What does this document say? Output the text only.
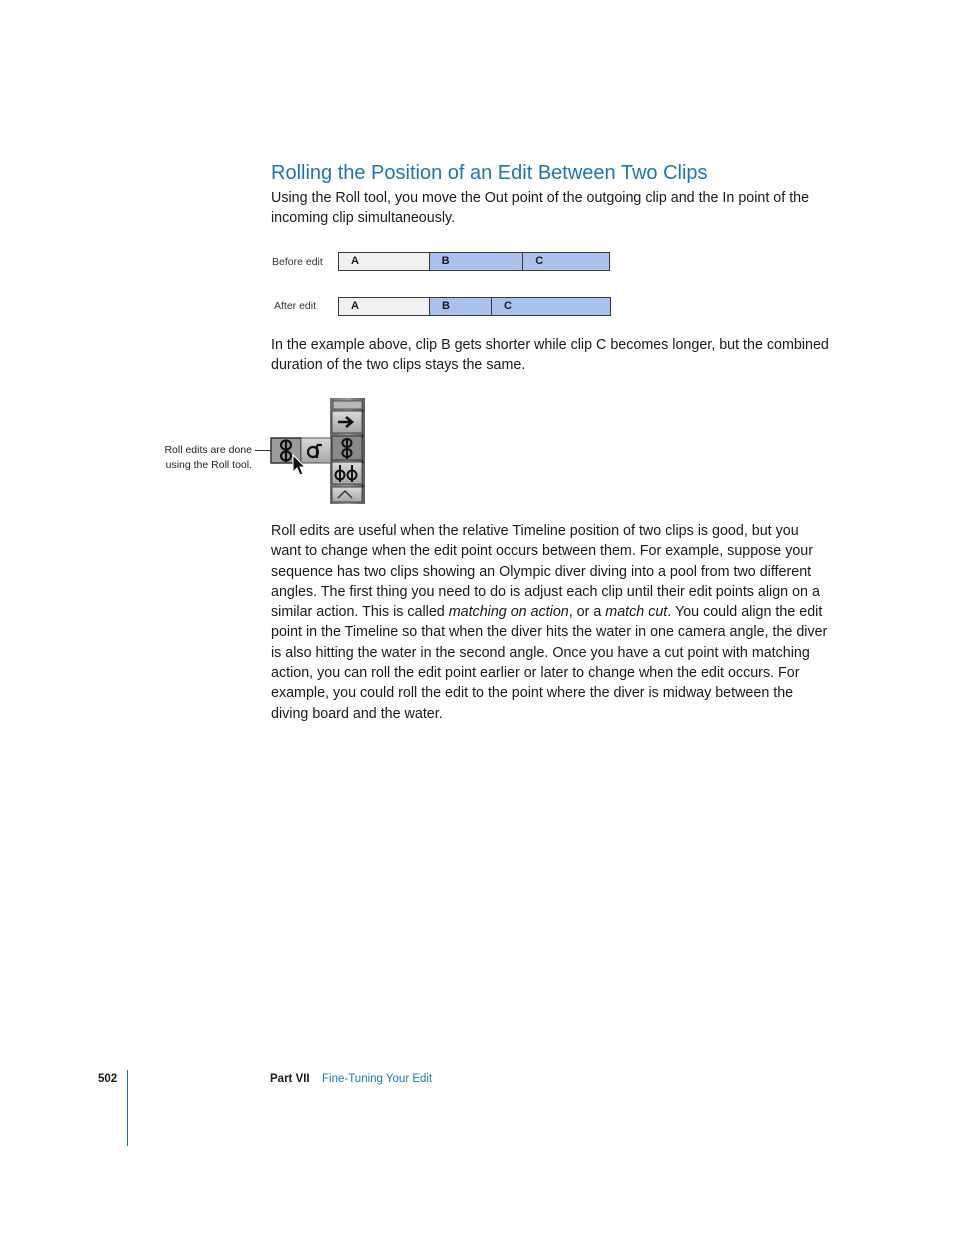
Rolling the Position of an Edit Between Two Clips

Using the Roll tool, you move the Out point of the outgoing clip and the In point of the incoming clip simultaneously.

Before edit	A	B	C
After edit	A	B	C

In the example above, clip B gets shorter while clip C becomes longer, but the combined duration of the two clips stays the same.

Roll edits are done
using the Roll tool.

Roll edits are useful when the relative Timeline position of two clips is good, but you want to change when the edit point occurs between them. For example, suppose your sequence has two clips showing an Olympic diver diving into a pool from two different angles. The first thing you need to do is adjust each clip until their edit points align on a similar action. This is called matching on action, or a match cut. You could align the edit point in the Timeline so that when the diver hits the water in one camera angle, the diver is also hitting the water in the second angle. Once you have a cut point with matching action, you can roll the edit point earlier or later to change when the edit occurs. For example, you could roll the edit to the point where the diver is midway between the diving board and the water.

502	Part VII Fine-Tuning Your Edit
